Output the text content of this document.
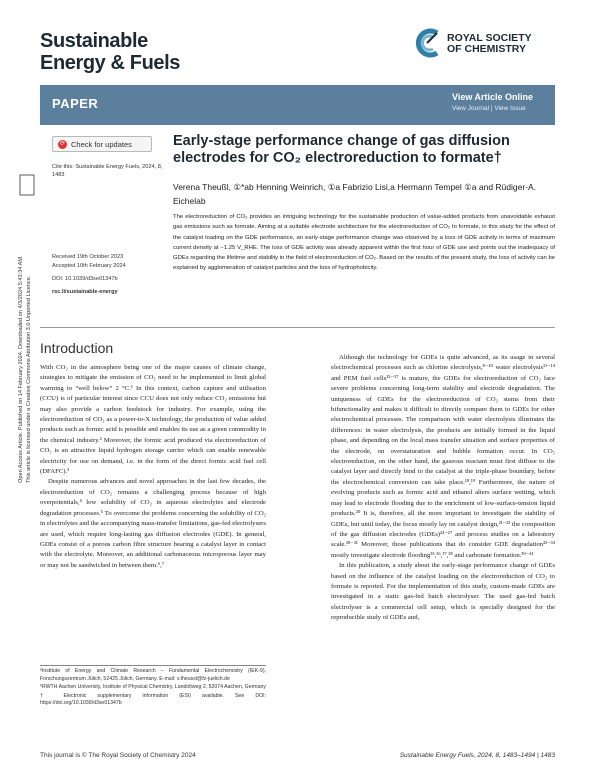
Sustainable
Energy & Fuels
ROYAL SOCIETY
OF CHEMISTRY
PAPER	View Article Online
View Journal | View Issue
⟳ Check for updates
Cite this: Sustainable Energy Fuels, 2024, 8, 1483
Received 19th October 2023
Accepted 10th February 2024
DOI: 10.1039/d3se01347b
rsc.li/sustainable-energy
Open Access Article. Published on 14 February 2024. Downloaded on 4/3/2024 5:43:34 AM. This article is licensed under a Creative Commons Attribution 3.0 Unported Licence.
Early-stage performance change of gas diffusion electrodes for CO₂ electroreduction to formate†
Verena Theußl, ①*ab Henning Weinrich, ①a Fabrizio Lisi,a Hermann Tempel ①a and Rüdiger-A. Eichelab
The electroreduction of CO₂ provides an intriguing technology for the sustainable production of value-added products from unavoidable exhaust gas emissions such as formate. Aiming at a suitable electrode architecture for the electroreduction of CO₂ to formate, in this study for the effect of the catalyst loading on the GDE performance, an early-stage performance change was observed by a loss of GDE activity in terms of maximum current density at −1.25 V_RHE. The loss of GDE activity was already apparent within the first hour of GDE use and points out the inadequacy of GDEs regarding the lifetime and stability in the field of electroreduction of CO₂. Based on the results of the present study, the loss of activity can be explained by agglomeration of catalyst particles and the loss of hydrophobicity.
Introduction

With CO₂ in the atmosphere being one of the major causes of climate change, strategies to mitigate the emission of CO₂ need to be implemented to limit global warming to “well below” 2 °C.¹ In this context, carbon capture and utilisation (CCU) is of particular interest since CCU does not only reduce CO₂ emissions but may also provide a carbon feedstock for industry. For example, using the electroreduction of CO₂ as a power-to-X technology, the production of value added products such as formic acid is possible and enables its use as a green commodity in the chemical industry.² Moreover, the formic acid produced via electroreduction of CO₂ is an attractive liquid hydrogen storage carrier which can enable renewable electricity for use on demand, i.e. in the form of the direct formic acid fuel cell (DFAFC).³

Despite numerous advances and novel approaches in the last few decades, the electroreduction of CO₂ remains a challenging process because of high overpotentials,⁴ low solubility of CO₂ in aqueous electrolytes and electrode degradation processes.⁵ To overcome the problems concerning the solubility of CO₂ in electrolytes and the accompanying mass-transfer limitations, gas-fed electrolysers are used, which require long-lasting gas diffusion electrodes (GDE). In general, GDEs consist of a porous carbon fibre structure bearing a catalyst layer in contact with the electrolyte. Moreover, an additional carbonaceous microporous layer may or may not be sandwiched in between them.⁶,⁷

Although the technology for GDEs is quite advanced, as its usage in several electrochemical processes such as chlorine electrolysis,⁸⁻¹⁰ water electrolysis¹¹⁻¹⁴ and PEM fuel cells¹⁵⁻¹⁷ is mature, the GDEs for electroreduction of CO₂ face severe problems concerning long-term stability and electrode degradation. The uniqueness of GDEs for the electroreduction of CO₂ stems from their bifunctionality and makes it difficult to directly compare them to GDEs for other electrochemical processes. The comparison with water electrolysis illustrates the differences: in water electrolysis, the products are initially formed in the liquid phase, and depending on the local mass transfer situation and surface properties of the electrode, on overstaturation and bubble formation occur. In CO₂ electroreduction, on the other hand, the gaseous reactant must first diffuse to the catalyst layer and directly bind to the catalyst at the triple-phase boundary, before the electrochemical conversion can take place.¹⁸,¹⁹ Furthermore, the nature of evolving products such as formic acid and ethanol alters surface wetting, which may lead to electrode flooding due to the enrichment of low-surface-tension liquid products.²⁰ It is, therefore, all the more important to investigate the stability of GDEs, but until today, the focus mostly lay on catalyst design,²¹⁻²³ the composition of the gas diffusion electrodes (GDEs)²⁴⁻²⁷ and process studies on a laboratory scale.²⁸⁻³¹ Moreover, those publications that do consider GDE degradation³²⁻³⁴ mostly investigate electrode flooding³⁵,³⁶,³⁷,³⁸ and carbonate formation.³⁹⁻⁴¹

In this publication, a study about the early-stage performance change of GDEs based on the influence of the catalyst loading on the electroreduction of CO₂ to formate is reported. For the implementation of this study, custom-made GDEs are investigated in a static gas-fed batch electrolyser. The used gas-fed batch electrolyser is a commercial cell setup, which is specially designed for the reproducible study of GDEs and,

ᵃInstitute of Energy and Climate Research – Fundamental Electrochemistry (IEK-9), Forschungszentrum Jülich, 52425 Jülich, Germany. E-mail: v.theussl@fz-juelich.de

ᵇRWTH Aachen University, Institute of Physical Chemistry, Landoltweg 2, 52074 Aachen, Germany

† Electronic supplementary information (ESI) available. See DOI: https://doi.org/10.1039/d3se01347b

This journal is © The Royal Society of Chemistry 2024	Sustainable Energy Fuels, 2024, 8, 1483–1494 | 1483
